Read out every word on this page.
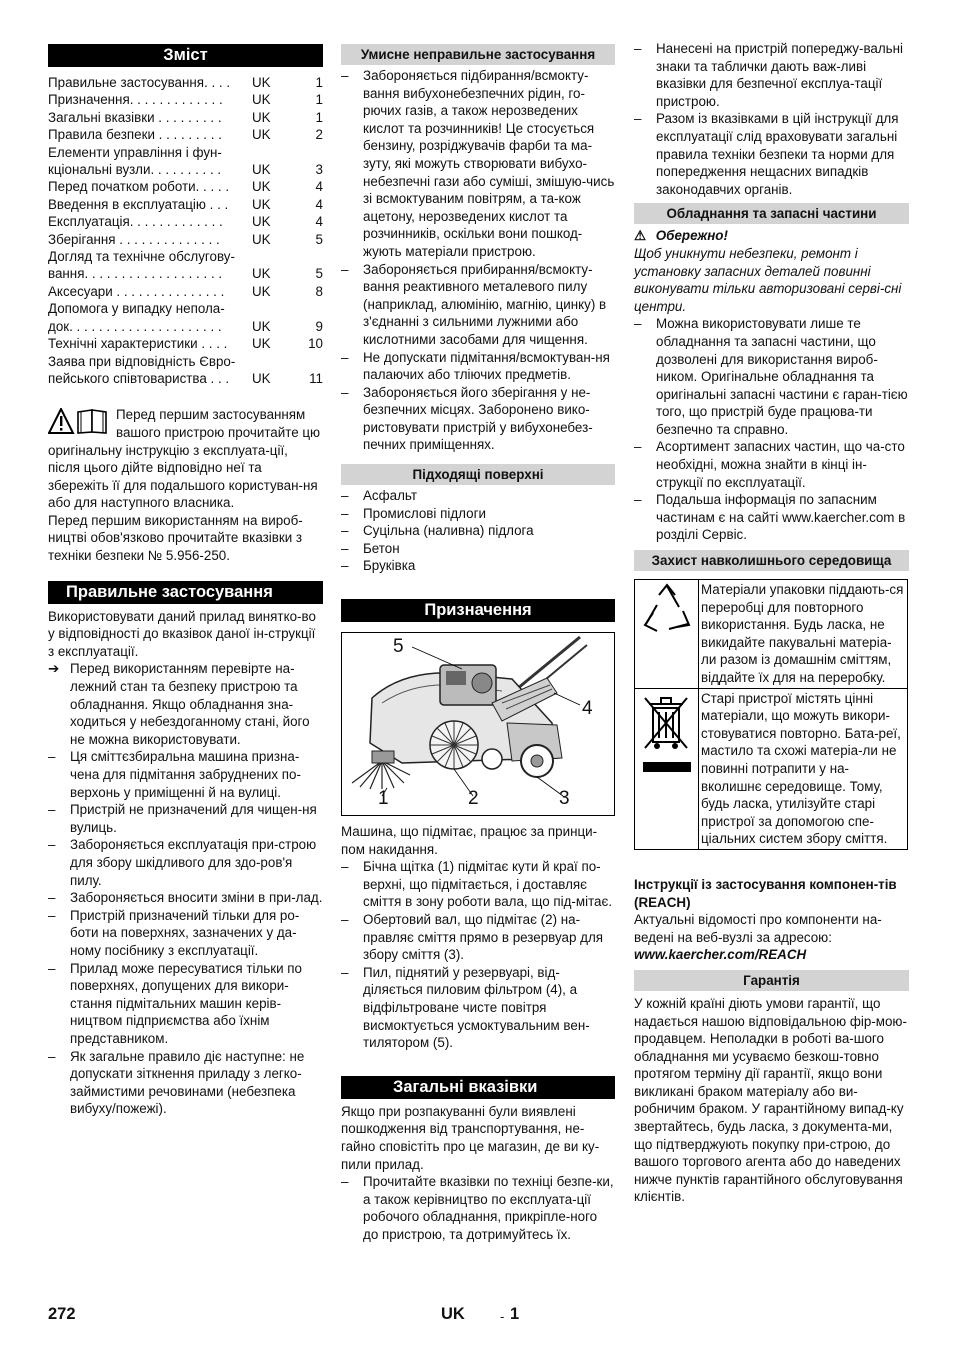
Зміст
Правильне застосування. . . .	UK	1
Призначення. . . . . . . . . . . . .	UK	1
Загальні вказівки . . . . . . . . .	UK	1
Правила безпеки . . . . . . . . .	UK	2
Елементи управління і фун-		
кціональні вузли. . . . . . . . . .	UK	3
Перед початком роботи. . . . .	UK	4
Введення в експлуатацію . . .	UK	4
Експлуатація. . . . . . . . . . . . .	UK	4
Зберігання . . . . . . . . . . . . . .	UK	5
Догляд та технічне обслугову-		
вання. . . . . . . . . . . . . . . . . . .	UK	5
Аксесуари . . . . . . . . . . . . . . .	UK	8
Допомога у випадку непола-		
док. . . . . . . . . . . . . . . . . . . . .	UK	9
Технічні характеристики . . . .	UK	10
Заява при відповідність Євро-		
пейського співтовариства . . .	UK	11

Перед першим застосуванням вашого пристрою прочитайте цю оригінальну інструкцію з експлуата-ції, після цього дійте відповідно неї та збережіть її для подальшого користуван-ня або для наступного власника.

Перед першим використанням на вироб-ництві обов'язково прочитайте вказівки з техніки безпеки № 5.956-250.

Правильне застосування

Використовувати даний прилад винятко-во у відповідності до вказівок даної ін-струкції з експлуатації.

➔ Перед використанням перевірте на-лежний стан та безпеку пристрою та обладнання. Якщо обладнання зна-ходиться у небездоганному стані, його не можна використовувати.
– Ця сміттєзбиральна машина призна-чена для підмітання забруднених по-верхонь у приміщенні й на вулиці.
– Пристрій не призначений для чищен-ня вулиць.
– Забороняється експлуатація при-строю для збору шкідливого для здо-ров'я пилу.
– Забороняється вносити зміни в при-лад.
– Пристрій призначений тільки для ро-боти на поверхнях, зазначених у да-ному посібнику з експлуатації.
– Прилад може пересуватися тільки по поверхнях, допущених для викори-стання підмітальних машин керів-ництвом підприємства або їхнім представником.
– Як загальне правило діє наступне: не допускати зіткнення приладу з легко-займистими речовинами (небезпека вибуху/пожежі).
Умисне неправильне застосування
– Забороняється підбирання/всмокту-вання вибухонебезпечних рідин, го-рючих газів, а також нерозведених кислот та розчинників! Це стосується бензину, розріджувачів фарби та ма-зуту, які можуть створювати вибухо-небезпечні гази або суміші, змішую-чись зі всмоктуваним повітрям, а та-кож ацетону, нерозведених кислот та розчинників, оскільки вони пошкод-жують матеріали пристрою.
– Забороняється прибирання/всмокту-вання реактивного металевого пилу (наприклад, алюмінію, магнію, цинку) в з'єднанні з сильними лужними або кислотними засобами для чищення.
– Не допускати підмітання/всмоктуван-ня палаючих або тліючих предметів.
– Забороняється його зберігання у не-безпечних місцях. Заборонено вико-ристовувати пристрій у вибухонебез-печних приміщеннях.
Підходящі поверхні
– Асфальт
– Промислові підлоги
– Суцільна (наливна) підлога
– Бетон
– Бруківка
Призначення
5
4
1	2	3

Машина, що підмітає, працює за принци-пом накидання.

– Бічна щітка (1) підмітає кути й краї по-верхні, що підмітається, і доставляє сміття в зону роботи вала, що під-мітає.
– Обертовий вал, що підмітає (2) на-правляє сміття прямо в резервуар для збору сміття (3).
– Пил, піднятий у резервуарі, від-діляється пиловим фільтром (4), а відфільтроване чисте повітря висмоктується усмоктувальним вен-тилятором (5).
Загальні вказівки

Якщо при розпакуванні були виявлені пошкодження від транспортування, не-гайно сповістіть про це магазин, де ви ку-пили прилад.

– Прочитайте вказівки по техніці безпе-ки, а також керівництво по експлуата-ції робочого обладнання, прикріпле-ного до пристрою, та дотримуйтесь їх.
– Нанесені на пристрій попереджу-вальні знаки та таблички дають важ-ливі вказівки для безпечної експлуа-тації пристрою.
– Разом із вказівками в цій інструкції для експлуатації слід враховувати загальні правила техніки безпеки та норми для попередження нещасних випадків законодавчих органів.
Обладнання та запасні частини

⚠ Обережно!

Щоб уникнути небезпеки, ремонт і установку запасних деталей повинні виконувати тільки авторизовані серві-сні центри.

– Можна використовувати лише те обладнання та запасні частини, що дозволені для використання вироб-ником. Оригінальне обладнання та оригінальні запасні частини є гаран-тією того, що пристрій буде працюва-ти безпечно та справно.
– Асортимент запасних частин, що ча-сто необхідні, можна знайти в кінці ін-струкції по експлуатації.
– Подальша інформація по запасним частинам є на сайті www.kaercher.com в розділі Сервіс.
Захист навколишнього середовища
	Матеріали упаковки піддають-ся переробці для повторного використання. Будь ласка, не викидайте пакувальні матеріа-ли разом із домашнім сміттям, віддайте їх для на переробку.
	Старі пристрої містять цінні матеріали, що можуть викори-стовуватися повторно. Бата-реї, мастило та схожі матеріа-ли не повинні потрапити у на-вколишнє середовище. Тому, будь ласка, утилізуйте старі пристрої за допомогою спе-ціальних систем збору сміття.

Інструкції із застосування компонен-тів (REACH)

Актуальні відомості про компоненти на-ведені на веб-вузлі за адресою:

www.kaercher.com/REACH

Гарантія

У кожній країні діють умови гарантії, що надається нашою відповідальною фір-мою-продавцем. Неполадки в роботі ва-шого обладнання ми усуваємо безкош-товно протягом терміну дії гарантії, якщо вони викликані браком матеріалу або ви-робничим браком. У гарантійному випад-ку звертайтесь, будь ласка, з документа-ми, що підтверджують покупку при-строю, до вашого торгового агента або до наведених нижче пунктів гарантійного обслуговування клієнтів.

272	UK	- 1
